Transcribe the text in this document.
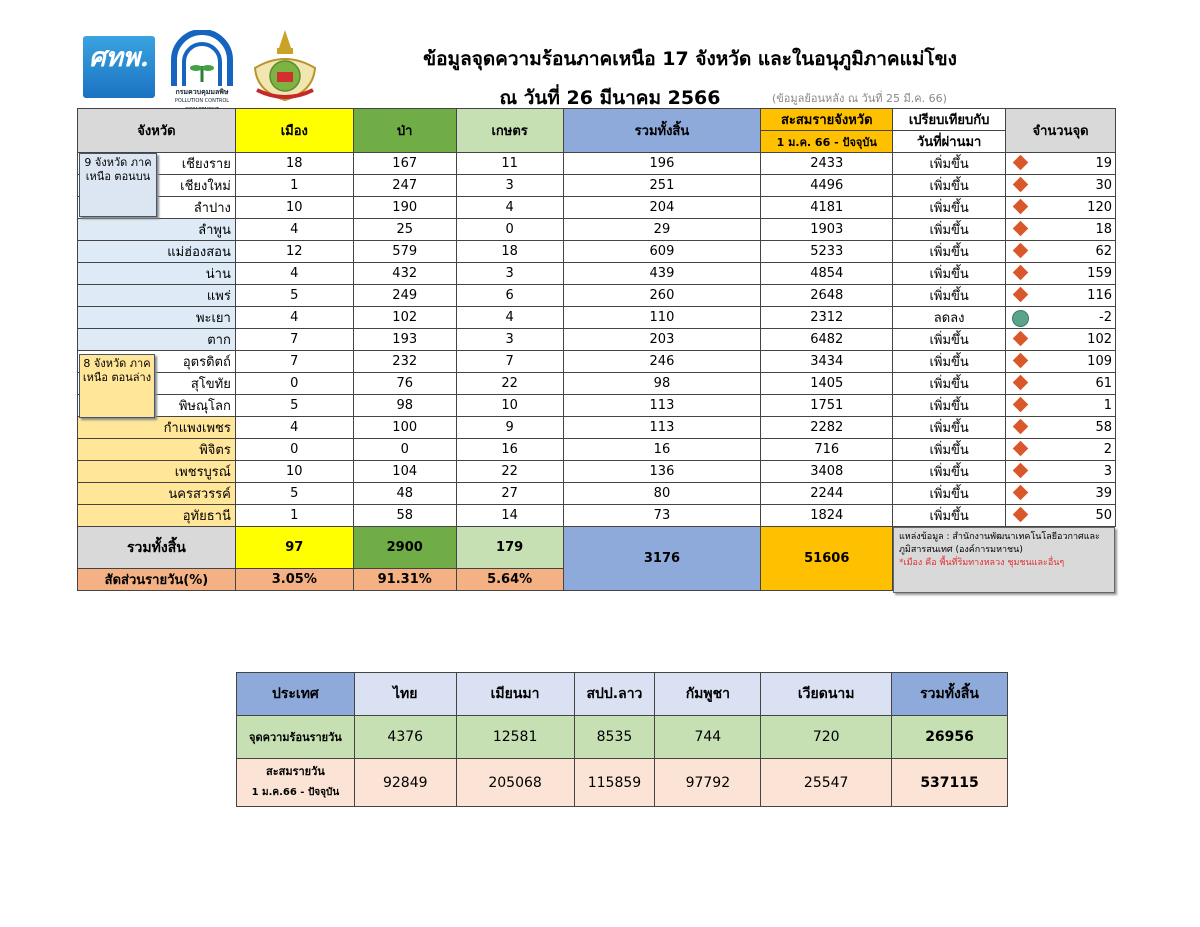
ศทพ.

กรมควบคุมมลพิษ
POLLUTION CONTROL
ข้อมูลจุดความร้อนภาคเหนือ 17 จังหวัด และในอนุภูมิภาคแม่โขง
ณ วันที่ 26 มีนาคม 2566	(ข้อมูลย้อนหลัง ณ วันที่ 25 มี.ค. 66)
จังหวัด	เมือง	ป่า	เกษตร	รวมทั้งสิ้น	สะสมรายจังหวัด	เปรียบเทียบกับ	จำนวนจุด
					1 ม.ค. 66 - ปัจจุบัน	วันที่ผ่านมา	
เชียงราย	18	167	11	196	2433	เพิ่มขึ้น	19
เชียงใหม่	1	247	3	251	4496	เพิ่มขึ้น	30
ลำปาง	10	190	4	204	4181	เพิ่มขึ้น	120
ลำพูน	4	25	0	29	1903	เพิ่มขึ้น	18
แม่ฮ่องสอน	12	579	18	609	5233	เพิ่มขึ้น	62
น่าน	4	432	3	439	4854	เพิ่มขึ้น	159
แพร่	5	249	6	260	2648	เพิ่มขึ้น	116
พะเยา	4	102	4	110	2312	ลดลง	-2
ตาก	7	193	3	203	6482	เพิ่มขึ้น	102
อุตรดิตถ์	7	232	7	246	3434	เพิ่มขึ้น	109
สุโขทัย	0	76	22	98	1405	เพิ่มขึ้น	61
พิษณุโลก	5	98	10	113	1751	เพิ่มขึ้น	1
กำแพงเพชร	4	100	9	113	2282	เพิ่มขึ้น	58
พิจิตร	0	0	16	16	716	เพิ่มขึ้น	2
เพชรบูรณ์	10	104	22	136	3408	เพิ่มขึ้น	3
นครสวรรค์	5	48	27	80	2244	เพิ่มขึ้น	39
อุทัยธานี	1	58	14	73	1824	เพิ่มขึ้น	50
รวมทั้งสิ้น	97	2900	179	3176	51606		
สัดส่วนรายวัน(%)	3.05%	91.31%	5.64%				
9 จังหวัด ภาคเหนือ ตอนบน
8 จังหวัด ภาคเหนือ ตอนล่าง
แหล่งข้อมูล : สำนักงานพัฒนาเทคโนโลยีอวกาศและภูมิสารสนเทศ (องค์การมหาชน)
*เมือง คือ พื้นที่ริมทางหลวง ชุมชนและอื่นๆ
ประเทศ	ไทย	เมียนมา	สปป.ลาว	กัมพูชา	เวียดนาม	รวมทั้งสิ้น
จุดความร้อนรายวัน	4376	12581	8535	744	720	26956
สะสมรายวัน
1 ม.ค.66 - ปัจจุบัน	92849	205068	115859	97792	25547	537115
